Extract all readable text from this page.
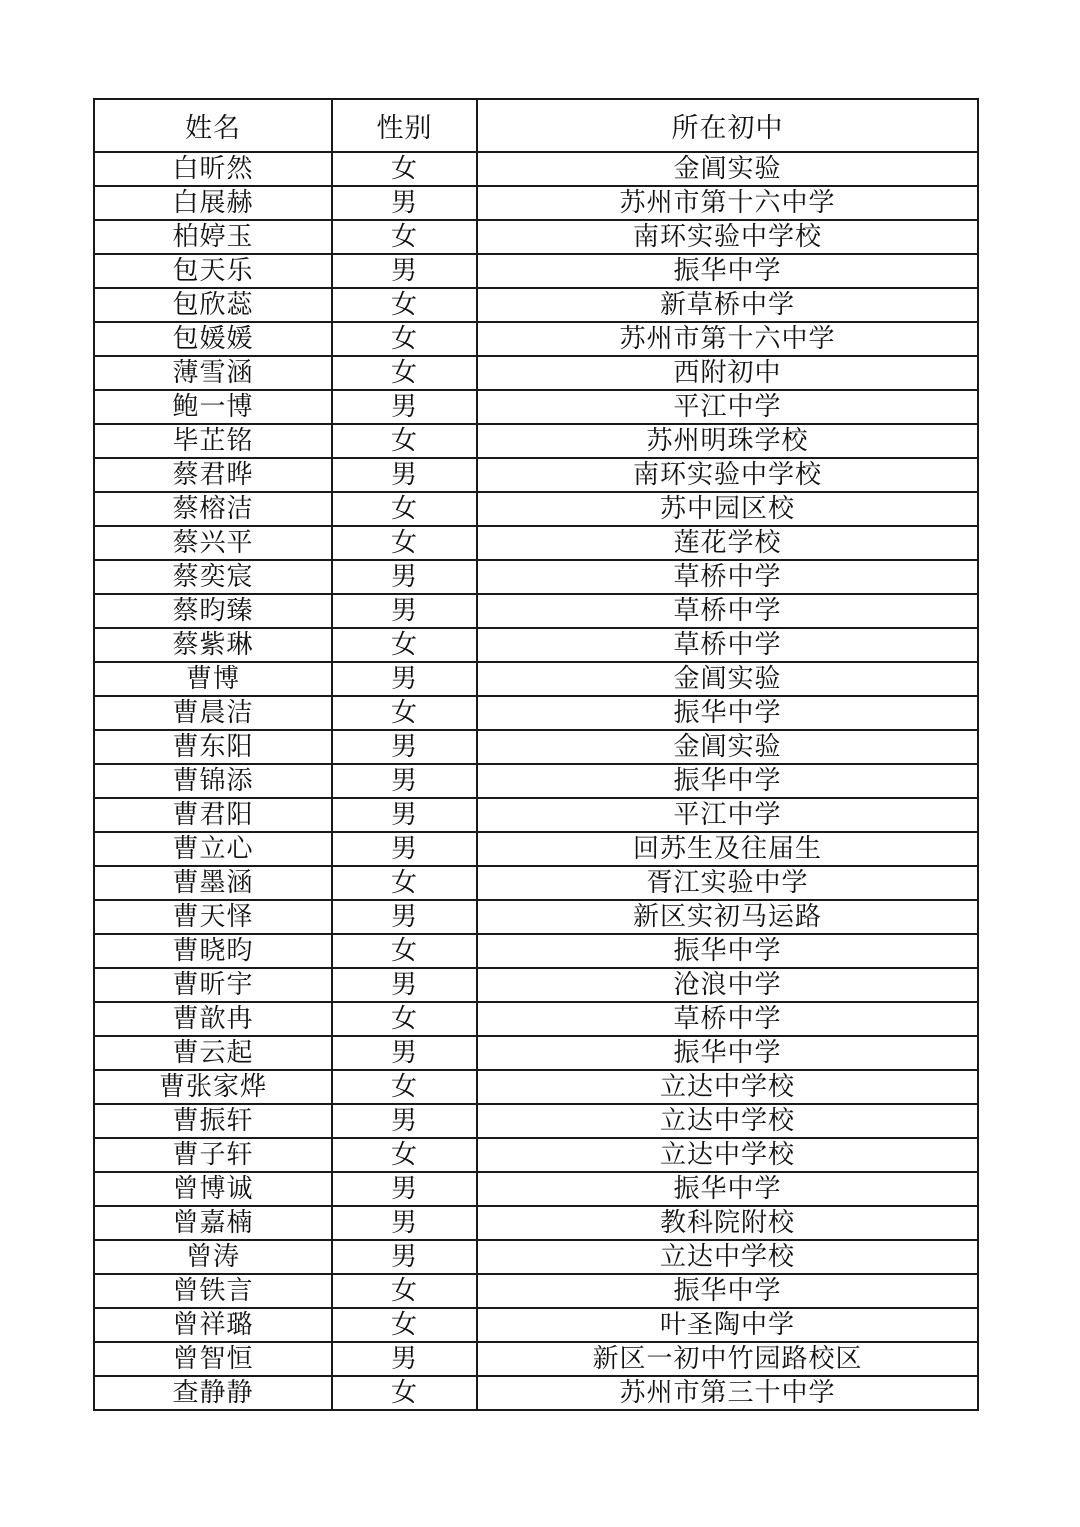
姓名	性别	所在初中
白昕然	女	金阊实验
白展赫	男	苏州市第十六中学
柏婷玉	女	南环实验中学校
包天乐	男	振华中学
包欣蕊	女	新草桥中学
包媛媛	女	苏州市第十六中学
薄雪涵	女	西附初中
鲍一博	男	平江中学
毕芷铭	女	苏州明珠学校
蔡君晔	男	南环实验中学校
蔡榕洁	女	苏中园区校
蔡兴平	女	莲花学校
蔡奕宸	男	草桥中学
蔡昀臻	男	草桥中学
蔡紫琳	女	草桥中学
曹博	男	金阊实验
曹晨洁	女	振华中学
曹东阳	男	金阊实验
曹锦添	男	振华中学
曹君阳	男	平江中学
曹立心	男	回苏生及往届生
曹墨涵	女	胥江实验中学
曹天怿	男	新区实初马运路
曹晓昀	女	振华中学
曹昕宇	男	沧浪中学
曹歆冉	女	草桥中学
曹云起	男	振华中学
曹张家烨	女	立达中学校
曹振轩	男	立达中学校
曹子轩	女	立达中学校
曾博诚	男	振华中学
曾嘉楠	男	教科院附校
曾涛	男	立达中学校
曾铁言	女	振华中学
曾祥璐	女	叶圣陶中学
曾智恒	男	新区一初中竹园路校区
查静静	女	苏州市第三十中学
